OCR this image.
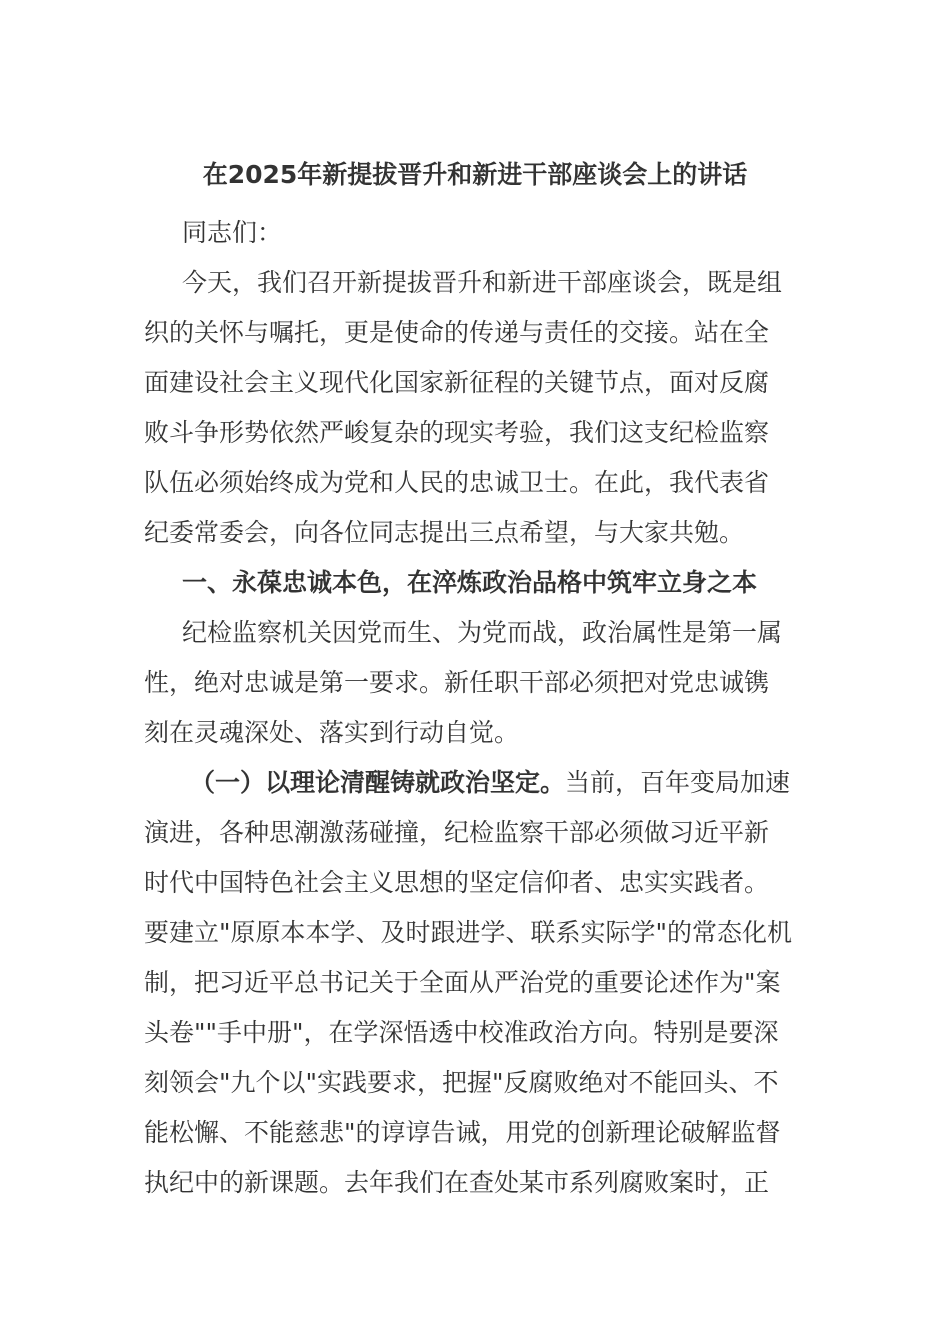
在2025年新提拔晋升和新进干部座谈会上的讲话
同志们：
今天，我们召开新提拔晋升和新进干部座谈会，既是组
织的关怀与嘱托，更是使命的传递与责任的交接。站在全
面建设社会主义现代化国家新征程的关键节点，面对反腐
败斗争形势依然严峻复杂的现实考验，我们这支纪检监察
队伍必须始终成为党和人民的忠诚卫士。在此，我代表省
纪委常委会，向各位同志提出三点希望，与大家共勉。
一、永葆忠诚本色，在淬炼政治品格中筑牢立身之本
纪检监察机关因党而生、为党而战，政治属性是第一属
性，绝对忠诚是第一要求。新任职干部必须把对党忠诚镌
刻在灵魂深处、落实到行动自觉。
（一）以理论清醒铸就政治坚定。当前，百年变局加速
演进，各种思潮激荡碰撞，纪检监察干部必须做习近平新
时代中国特色社会主义思想的坚定信仰者、忠实实践者。
要建立"原原本本学、及时跟进学、联系实际学"的常态化机
制，把习近平总书记关于全面从严治党的重要论述作为"案
头卷""手中册"，在学深悟透中校准政治方向。特别是要深
刻领会"九个以"实践要求，把握"反腐败绝对不能回头、不
能松懈、不能慈悲"的谆谆告诫，用党的创新理论破解监督
执纪中的新课题。去年我们在查处某市系列腐败案时，正
